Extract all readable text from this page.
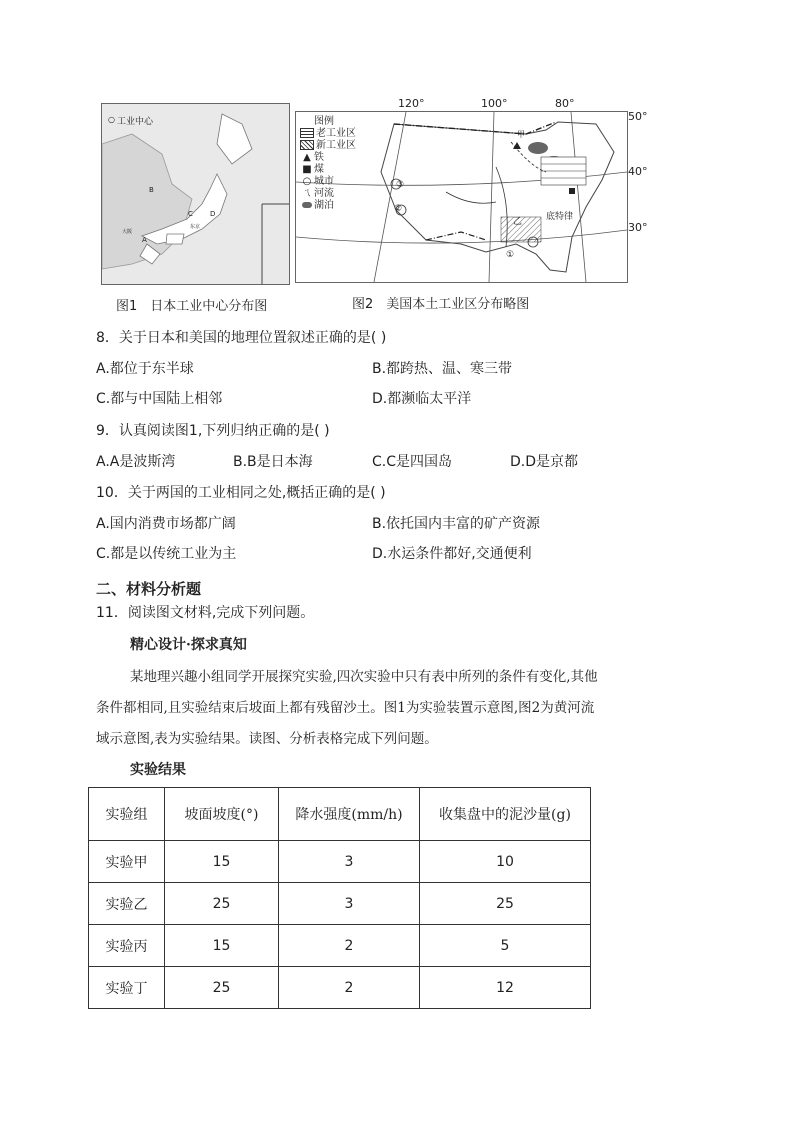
○ 工业中心
B
C D
A
大阪
东京
图1　日本工业中心分布图
图例
老工业区
新工业区
▲ 铁
■ 煤
○ 城市
ㄟ 河流
湖泊
甲
乙	底特律
①
②
③
120°	100°	80°
50°
40°
30°
图2　美国本土工业区分布略图
8．关于日本和美国的地理位置叙述正确的是( )
A.都位于东半球	B.都跨热、温、寒三带
C.都与中国陆上相邻	D.都濒临太平洋
9．认真阅读图1,下列归纳正确的是( )
A.A是波斯湾	B.B是日本海	C.C是四国岛	D.D是京都
10．关于两国的工业相同之处,概括正确的是( )
A.国内消费市场都广阔	B.依托国内丰富的矿产资源
C.都是以传统工业为主	D.水运条件都好,交通便利
二、材料分析题
11．阅读图文材料,完成下列问题。
精心设计·探求真知
某地理兴趣小组同学开展探究实验,四次实验中只有表中所列的条件有变化,其他
条件都相同,且实验结束后坡面上都有残留沙土。图1为实验装置示意图,图2为黄河流
域示意图,表为实验结果。读图、分析表格完成下列问题。
实验结果
实验组	坡面坡度(°)	降水强度(mm/h)	收集盘中的泥沙量(g)
实验甲	15	3	10
实验乙	25	3	25
实验丙	15	2	5
实验丁	25	2	12
